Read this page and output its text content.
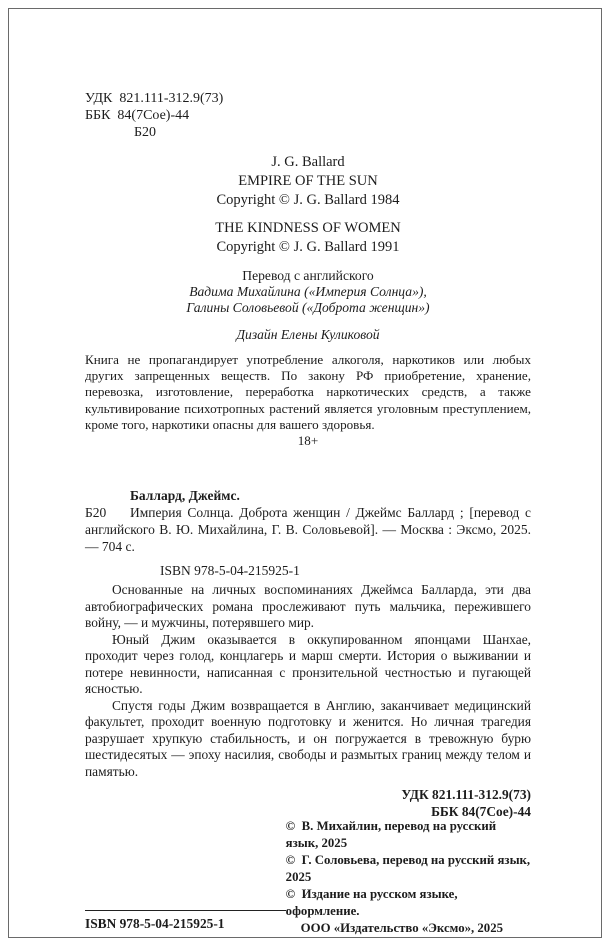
УДК  821.111-312.9(73)
ББК  84(7Сое)-44
Б20
J. G. Ballard
EMPIRE OF THE SUN
Copyright © J. G. Ballard 1984
THE KINDNESS OF WOMEN
Copyright © J. G. Ballard 1991
Перевод с английского
Вадима Михайлина («Империя Солнца»),
Галины Соловьевой («Доброта женщин»)
Дизайн Елены Куликовой
Книга не пропагандирует употребление алкоголя, наркотиков или любых других запрещенных веществ. По закону РФ приобретение, хранение, перевозка, изготовление, переработка наркотических средств, а также культивирование психотропных растений является уголовным преступлением, кроме того, наркотики опасны для вашего здоровья.
18+

Баллард, Джеймс.

Б20	Империя Солнца. Доброта женщин / Джеймс Баллард ; [перевод с английского В. Ю. Михайлина, Г. В. Соловьевой]. — Москва : Эксмо, 2025. — 704 с.

ISBN 978-5-04-215925-1

Основанные на личных воспоминаниях Джеймса Балларда, эти два автобиографических романа прослеживают путь мальчика, пережившего войну, — и мужчины, потерявшего мир.

Юный Джим оказывается в оккупированном японцами Шанхае, проходит через голод, концлагерь и марш смерти. История о выживании и потере невинности, написанная с пронзительной честностью и пугающей ясностью.

Спустя годы Джим возвращается в Англию, заканчивает медицинский факультет, проходит военную подготовку и женится. Но личная трагедия разрушает хрупкую стабильность, и он погружается в тревожную бурю шестидесятых — эпоху насилия, свободы и размытых границ между телом и памятью.

УДК 821.111-312.9(73)
ББК 84(7Сое)-44
ISBN 978-5-04-215925-1
©  В. Михайлин, перевод на русский язык, 2025
©  Г. Соловьева, перевод на русский язык, 2025
©  Издание на русском языке,  оформление.
ООО «Издательство «Эксмо», 2025
